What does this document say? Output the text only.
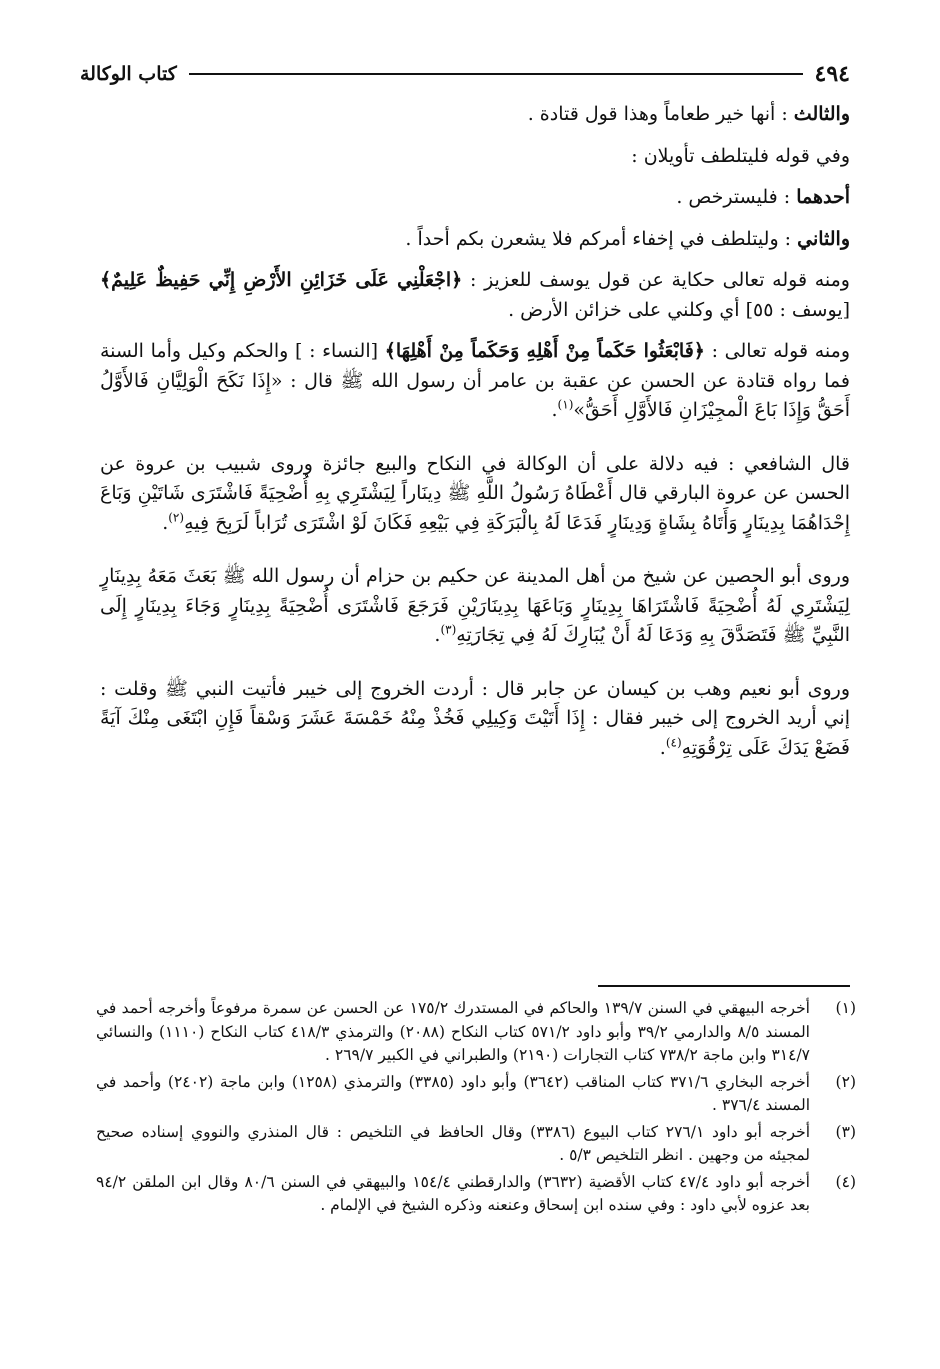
٤٩٤
كتاب الوكالة

والثالث : أنها خير طعاماً وهذا قول قتادة .

وفي قوله فليتلطف تأويلان :

أحدهما : فليسترخص .

والثاني : وليتلطف في إخفاء أمركم فلا يشعرن بكم أحداً .

ومنه قوله تعالى حكاية عن قول يوسف للعزيز : ﴿اجْعَلْنِي عَلَى خَزَائِنِ الأَرْضِ إِنِّي حَفِيظٌ عَلِيمٌ﴾ [يوسف : ٥٥] أي وكلني على خزائن الأرض .

ومنه قوله تعالى : ﴿فَابْعَثُوا حَكَماً مِنْ أَهْلِهِ وَحَكَماً مِنْ أَهْلِهَا﴾ [النساء : ] والحكم وكيل وأما السنة فما رواه قتادة عن الحسن عن عقبة بن عامر أن رسول الله ﷺ قال : «إِذَا نَكَحَ الْوَلِيَّانِ فَالأَوَّلُ أَحَقُّ وَإِذَا بَاعَ الْمجِيْزَانِ فَالأَوَّلِ أَحَقُّ»$^{(١)}$.

قال الشافعي : فيه دلالة على أن الوكالة في النكاح والبيع جائزة وروى شبيب بن عروة عن الحسن عن عروة البارقي قال أَعْطَاهُ رَسُولُ اللَّهِ ﷺ دِينَاراً لِيَشْتَرِي بِهِ أُضْحِيَةً فَاشْتَرَى شَاتَيْنِ وَبَاعَ إِحْدَاهُمَا بِدِينَارٍ وَأَتَاهُ بِشَاةٍ وَدِينَارٍ فَدَعَا لَهُ بِالْبَرَكَةِ فِي بَيْعِهِ فَكَانَ لَوْ اشْتَرَى تُرَاباً لَرَبِحَ فِيهِ$^{(٢)}$.

وروى أبو الحصين عن شيخ من أهل المدينة عن حكيم بن حزام أن رسول الله ﷺ بَعَثَ مَعَهُ بِدِينَارٍ لِيَشْتَرِي لَهُ أُضْحِيَةً فَاشْتَرَاهَا بِدِينَارٍ وَبَاعَهَا بِدِينَارَيْنِ فَرَجَعَ فَاشْتَرَى أُضْحِيَةً بِدِينَارٍ وَجَاءَ بِدِينَارٍ إِلَى النَّبِيِّ ﷺ فَتَصَدَّقَ بِهِ وَدَعَا لَهُ أَنْ يُبَارِكَ لَهُ فِي تِجَارَتِهِ$^{(٣)}$.

وروى أبو نعيم وهب بن كيسان عن جابر قال : أردت الخروج إلى خيبر فأتيت النبي ﷺ وقلت : إني أريد الخروج إلى خيبر فقال : إِذَا أَتَيْتَ وَكِيلِي فَخُذْ مِنْهُ خَمْسَةَ عَشَرَ وَسْقاً فَإِنِ ابْتَغَى مِنْكَ آيَةً فَضَعْ يَدَكَ عَلَى تِرْقُوَتِهِ$^{(٤)}$.

(١)
أخرجه البيهقي في السنن ١٣٩/٧ والحاكم في المستدرك ١٧٥/٢ عن الحسن عن سمرة مرفوعاً وأخرجه أحمد في المسند ٨/٥ والدارمي ٣٩/٢ وأبو داود ٥٧١/٢ كتاب النكاح (٢٠٨٨) والترمذي ٤١٨/٣ كتاب النكاح (١١١٠) والنسائي ٣١٤/٧ وابن ماجة ٧٣٨/٢ كتاب التجارات (٢١٩٠) والطبراني في الكبير ٢٦٩/٧ .
(٢)
أخرجه البخاري ٣٧١/٦ كتاب المناقب (٣٦٤٢) وأبو داود (٣٣٨٥) والترمذي (١٢٥٨) وابن ماجة (٢٤٠٢) وأحمد في المسند ٣٧٦/٤ .
(٣)
أخرجه أبو داود ٢٧٦/١ كتاب البيوع (٣٣٨٦) وقال الحافظ في التلخيص : قال المنذري والنووي إسناده صحيح لمجيئه من وجهين . انظر التلخيص ٥/٣ .
(٤)
أخرجه أبو داود ٤٧/٤ كتاب الأقضية (٣٦٣٢) والدارقطني ١٥٤/٤ والبيهقي في السنن ٨٠/٦ وقال ابن الملقن ٩٤/٢ بعد عزوه لأبي داود : وفي سنده ابن إسحاق وعنعنه وذكره الشيخ في الإلمام .
